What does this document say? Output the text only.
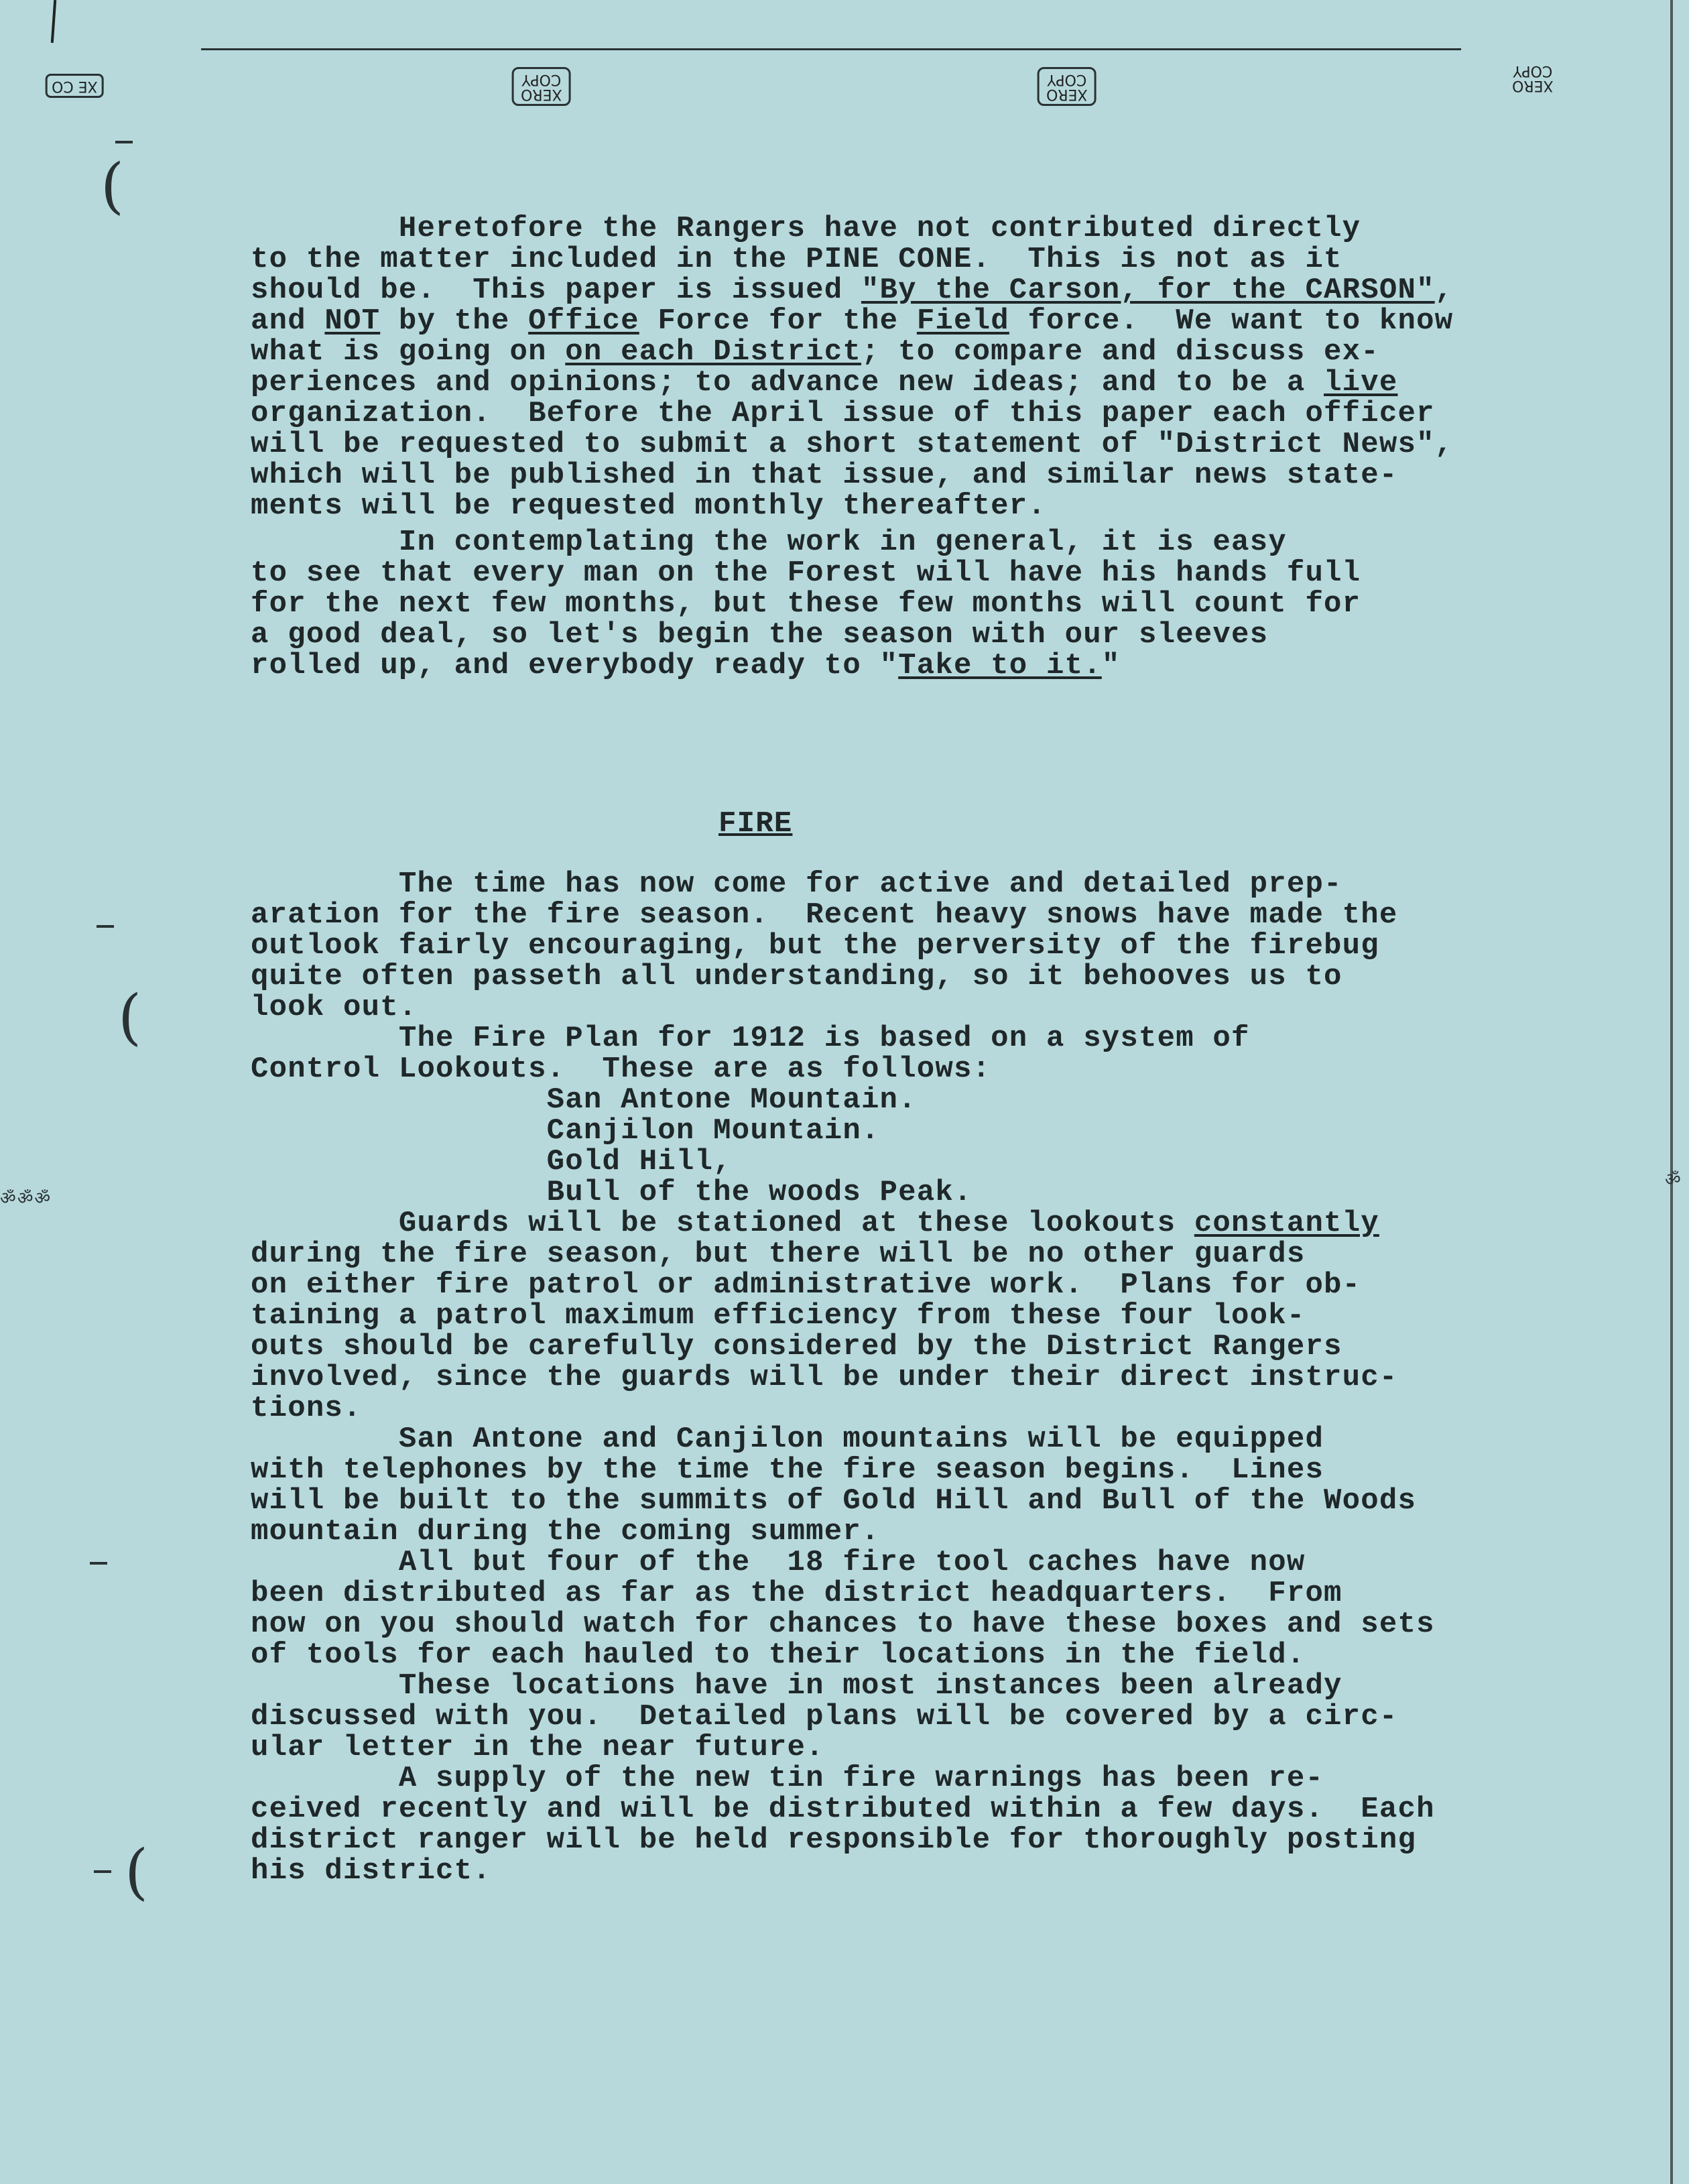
XE CO	XERO
COPY
XERO
COPY	XERO
COPY
(
(
(
ॐॐॐ
ॐ
Heretofore the Rangers have not contributed directly
to the matter included in the PINE CONE.  This is not as it
should be.  This paper is issued "By the Carson, for the CARSON",
and NOT by the Office Force for the Field force.  We want to know
what is going on on each District; to compare and discuss ex-
periences and opinions; to advance new ideas; and to be a live
organization.  Before the April issue of this paper each officer
will be requested to submit a short statement of "District News",
which will be published in that issue, and similar news state-
ments will be requested monthly thereafter.
In contemplating the work in general, it is easy
to see that every man on the Forest will have his hands full
for the next few months, but these few months will count for
a good deal, so let's begin the season with our sleeves
rolled up, and everybody ready to "Take to it."
FIRE
The time has now come for active and detailed prep-
aration for the fire season.  Recent heavy snows have made the
outlook fairly encouraging, but the perversity of the firebug
quite often passeth all understanding, so it behooves us to
look out.
The Fire Plan for 1912 is based on a system of
Control Lookouts.  These are as follows:
San Antone Mountain.
Canjilon Mountain.
Gold Hill,
Bull of the woods Peak.
Guards will be stationed at these lookouts constantly
during the fire season, but there will be no other guards
on either fire patrol or administrative work.  Plans for ob-
taining a patrol maximum efficiency from these four look-
outs should be carefully considered by the District Rangers
involved, since the guards will be under their direct instruc-
tions.
San Antone and Canjilon mountains will be equipped
with telephones by the time the fire season begins.  Lines
will be built to the summits of Gold Hill and Bull of the Woods
mountain during the coming summer.
All but four of the  18 fire tool caches have now
been distributed as far as the district headquarters.  From
now on you should watch for chances to have these boxes and sets
of tools for each hauled to their locations in the field.
These locations have in most instances been already
discussed with you.  Detailed plans will be covered by a circ-
ular letter in the near future.
A supply of the new tin fire warnings has been re-
ceived recently and will be distributed within a few days.  Each
district ranger will be held responsible for thoroughly posting
his district.
